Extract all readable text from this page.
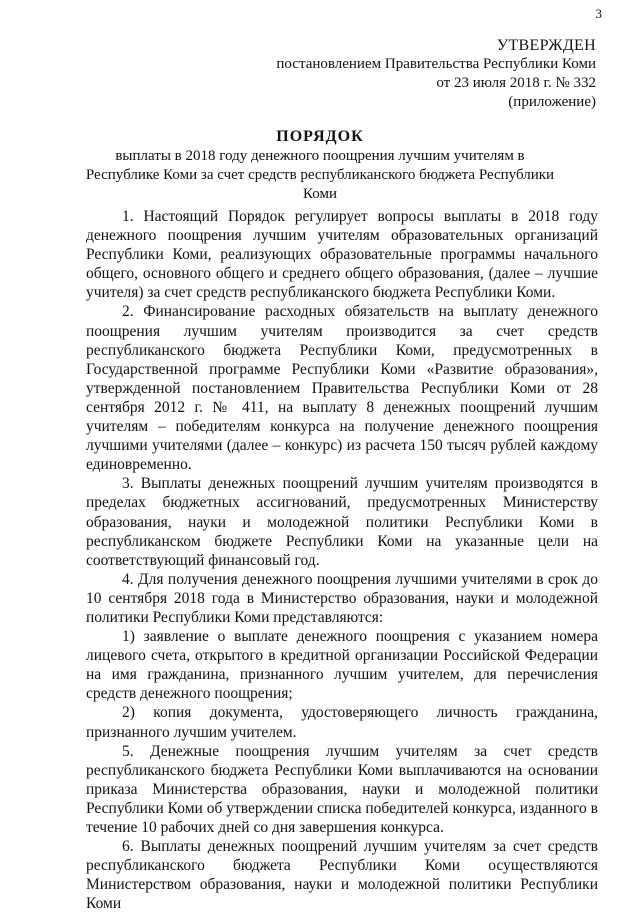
3
УТВЕРЖДЕН
постановлением Правительства Республики Коми
от 23 июля 2018 г. № 332
(приложение)
ПОРЯДОК
выплаты в 2018 году денежного поощрения лучшим учителям в Республике Коми за счет средств республиканского бюджета Республики Коми

1. Настоящий Порядок регулирует вопросы выплаты в 2018 году денежного поощрения лучшим учителям образовательных организаций Республики Коми, реализующих образовательные программы начального общего, основного общего и среднего общего образования, (далее – лучшие учителя) за счет средств республиканского бюджета Республики Коми.

2. Финансирование расходных обязательств на выплату денежного поощрения лучшим учителям производится за счет средств республиканского бюджета Республики Коми, предусмотренных в Государственной программе Республики Коми «Развитие образования», утвержденной постановлением Правительства Республики Коми от 28 сентября 2012 г. № 411, на выплату 8 денежных поощрений лучшим учителям – победителям конкурса на получение денежного поощрения лучшими учителями (далее – конкурс) из расчета 150 тысяч рублей каждому единовременно.

3. Выплаты денежных поощрений лучшим учителям производятся в пределах бюджетных ассигнований, предусмотренных Министерству образования, науки и молодежной политики Республики Коми в республиканском бюджете Республики Коми на указанные цели на соответствующий финансовый год.

4. Для получения денежного поощрения лучшими учителями в срок до 10 сентября 2018 года в Министерство образования, науки и молодежной политики Республики Коми представляются:

1) заявление о выплате денежного поощрения с указанием номера лицевого счета, открытого в кредитной организации Российской Федерации на имя гражданина, признанного лучшим учителем, для перечисления средств денежного поощрения;

2) копия документа, удостоверяющего личность гражданина, признанного лучшим учителем.

5. Денежные поощрения лучшим учителям за счет средств республиканского бюджета Республики Коми выплачиваются на основании приказа Министерства образования, науки и молодежной политики Республики Коми об утверждении списка победителей конкурса, изданного в течение 10 рабочих дней со дня завершения конкурса.

6. Выплаты денежных поощрений лучшим учителям за счет средств республиканского бюджета Республики Коми осуществляются Министерством образования, науки и молодежной политики Республики Коми
